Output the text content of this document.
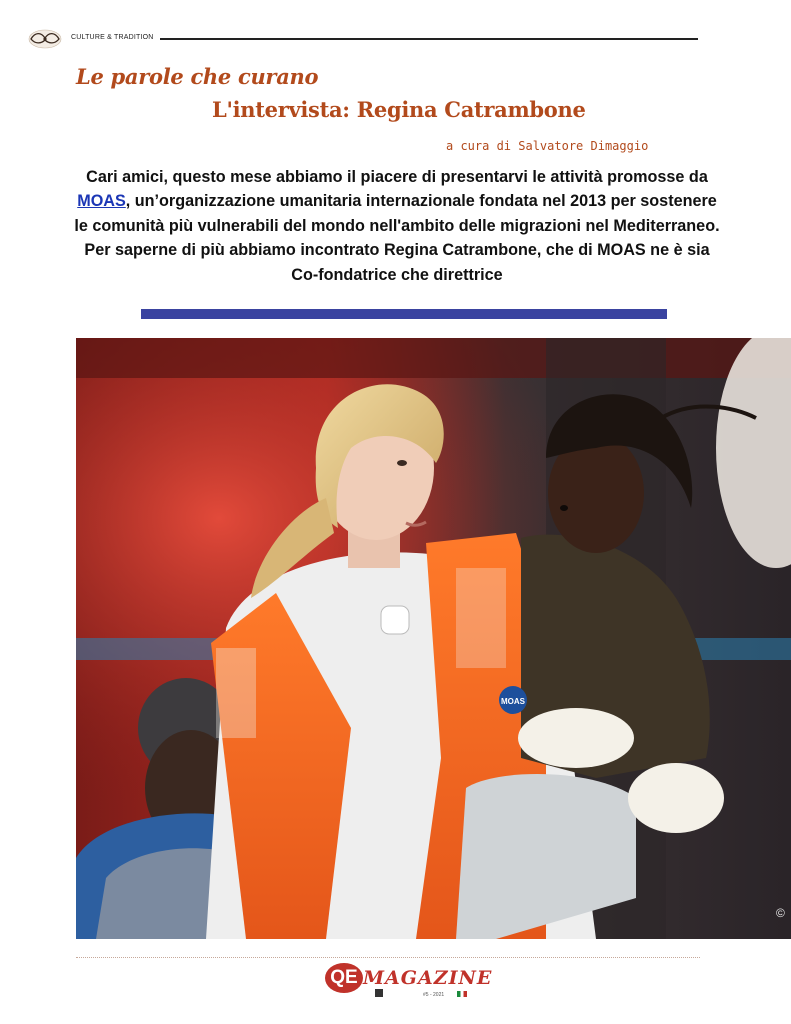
CULTURE & TRADITION
Le parole che curano
L'intervista: Regina Catrambone
a cura di Salvatore Dimaggio

Cari amici, questo mese abbiamo il piacere di presentarvi le attività promosse da MOAS, un’organizzazione umanitaria internazionale fondata nel 2013 per sostenere le comunità più vulnerabili del mondo nell'ambito delle migrazioni nel Mediterraneo. Per saperne di più abbiamo incontrato Regina Catrambone, che di MOAS ne è sia Co-fondatrice che direttrice

MOAS
©
QE MAGAZINE
#5 - 2021
